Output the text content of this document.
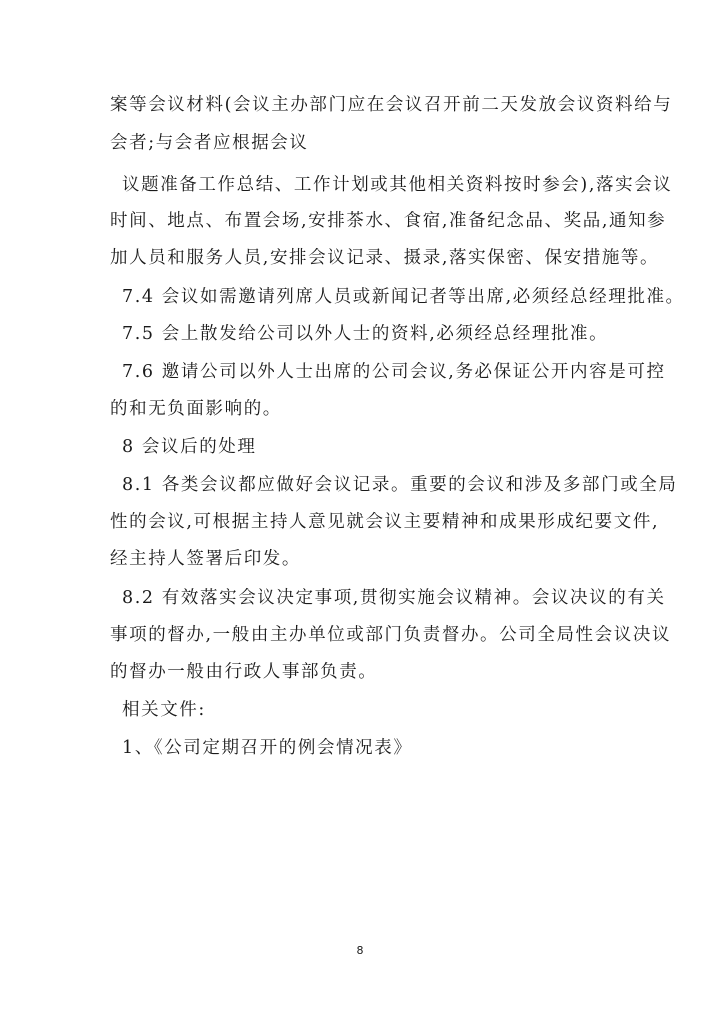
案等会议材料(会议主办部门应在会议召开前二天发放会议资料给与
会者;与会者应根据会议
议题准备工作总结、工作计划或其他相关资料按时参会),落实会议
时间、地点、布置会场,安排茶水、食宿,准备纪念品、奖品,通知参
加人员和服务人员,安排会议记录、摄录,落实保密、保安措施等。
7.4 会议如需邀请列席人员或新闻记者等出席,必须经总经理批准。
7.5 会上散发给公司以外人士的资料,必须经总经理批准。
7.6 邀请公司以外人士出席的公司会议,务必保证公开内容是可控
的和无负面影响的。
8 会议后的处理
8.1 各类会议都应做好会议记录。重要的会议和涉及多部门或全局
性的会议,可根据主持人意见就会议主要精神和成果形成纪要文件,
经主持人签署后印发。
8.2 有效落实会议决定事项,贯彻实施会议精神。会议决议的有关
事项的督办,一般由主办单位或部门负责督办。公司全局性会议决议
的督办一般由行政人事部负责。
相关文件:
1、《公司定期召开的例会情况表》
8
